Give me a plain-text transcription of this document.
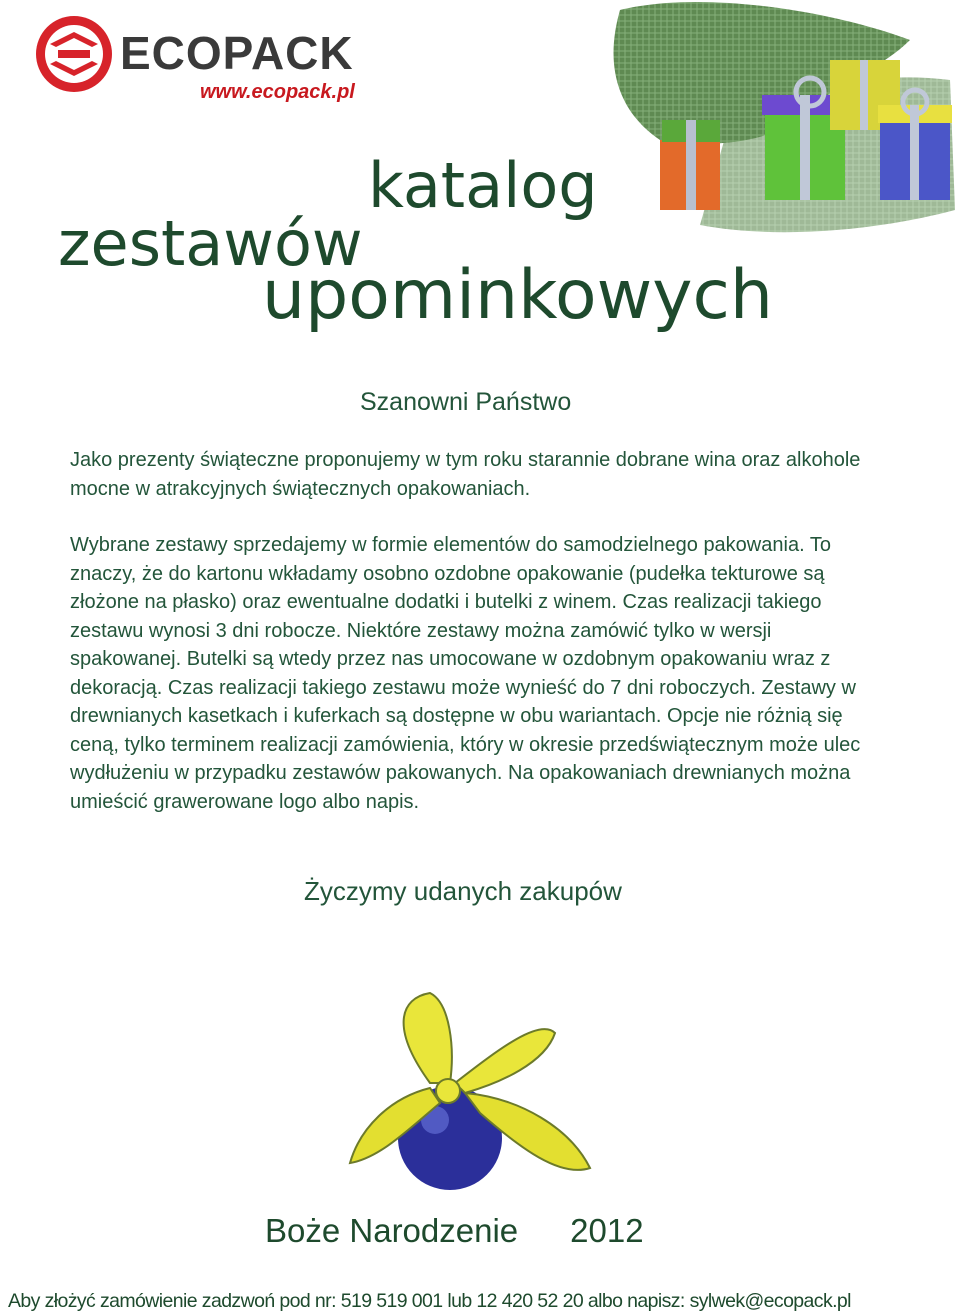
ECOPACK
www.ecopack.pl
katalog
zestawów
upominkowych
Szanowni Państwo
Jako prezenty świąteczne proponujemy w tym roku starannie dobrane wina oraz alkohole mocne w atrakcyjnych świątecznych opakowaniach.
Wybrane zestawy sprzedajemy w formie elementów do samodzielnego pakowania. To znaczy, że do kartonu wkładamy osobno ozdobne opakowanie (pudełka tekturowe są złożone na płasko) oraz ewentualne dodatki i butelki z winem. Czas realizacji takiego zestawu wynosi 3 dni robocze. Niektóre zestawy można zamówić tylko w wersji spakowanej. Butelki są wtedy przez nas umocowane w ozdobnym opakowaniu wraz z dekoracją. Czas realizacji takiego zestawu może wynieść do 7 dni roboczych. Zestawy w drewnianych kasetkach i kuferkach są dostępne w obu wariantach. Opcje nie różnią się ceną, tylko terminem realizacji zamówienia, który w okresie przedświątecznym może ulec wydłużeniu w przypadku zestawów pakowanych. Na opakowaniach drewnianych można umieścić grawerowane logo albo napis.
Życzymy udanych zakupów
Boże Narodzenie 2012
Aby złożyć zamówienie zadzwoń pod nr: 519 519 001 lub 12 420 52 20 albo napisz: sylwek@ecopack.pl
